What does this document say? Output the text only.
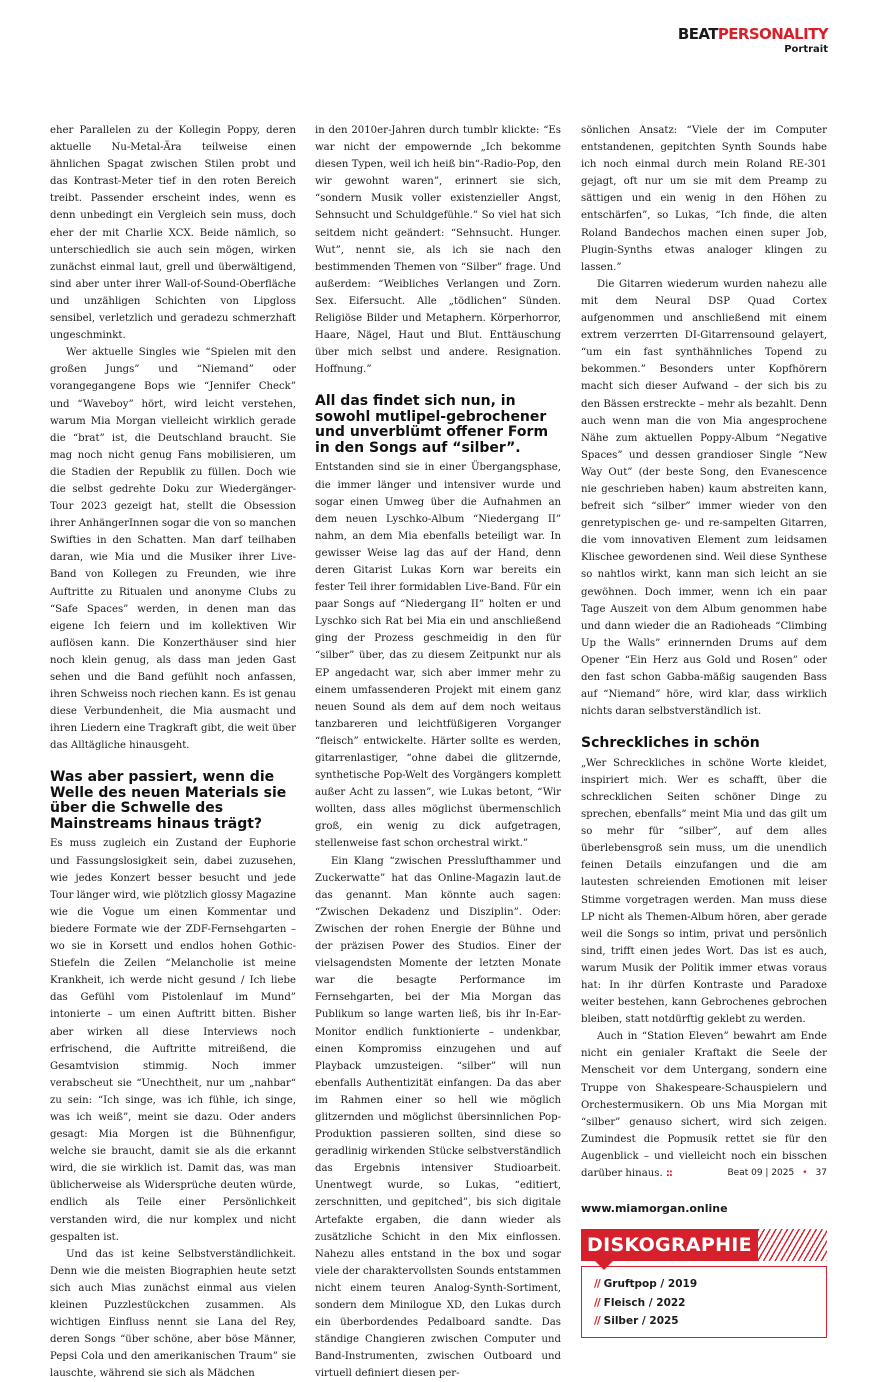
BEATPERSONALITY
Portrait

eher Parallelen zu der Kollegin Poppy, deren aktuelle Nu-Metal-Ära teilweise einen ähnlichen Spagat zwischen Stilen probt und das Kontrast-Meter tief in den roten Bereich treibt. Passender erscheint indes, wenn es denn unbedingt ein Vergleich sein muss, doch eher der mit Charlie XCX. Beide nämlich, so unterschiedlich sie auch sein mögen, wirken zunächst einmal laut, grell und überwältigend, sind aber unter ihrer Wall-of-Sound-Oberfläche und unzähligen Schichten von Lipgloss sensibel, verletzlich und geradezu schmerzhaft ungeschminkt.

Wer aktuelle Singles wie “Spielen mit den großen Jungs” und “Niemand” oder vorangegangene Bops wie “Jennifer Check” und “Waveboy” hört, wird leicht verstehen, warum Mia Morgan vielleicht wirklich gerade die “brat” ist, die Deutschland braucht. Sie mag noch nicht genug Fans mobilisieren, um die Stadien der Republik zu füllen. Doch wie die selbst gedrehte Doku zur Wiedergänger-Tour 2023 gezeigt hat, stellt die Obsession ihrer AnhängerInnen sogar die von so manchen Swifties in den Schatten. Man darf teilhaben daran, wie Mia und die Musiker ihrer Live-Band von Kollegen zu Freunden, wie ihre Auftritte zu Ritualen und anonyme Clubs zu “Safe Spaces” werden, in denen man das eigene Ich feiern und im kollektiven Wir auflösen kann. Die Konzerthäuser sind hier noch klein genug, als dass man jeden Gast sehen und die Band gefühlt noch anfassen, ihren Schweiss noch riechen kann. Es ist genau diese Verbundenheit, die Mia ausmacht und ihren Liedern eine Tragkraft gibt, die weit über das Alltägliche hinausgeht.

Was aber passiert, wenn die Welle des neuen Materials sie über die Schwelle des Mainstreams hinaus trägt?

Es muss zugleich ein Zustand der Euphorie und Fassungslosigkeit sein, dabei zuzusehen, wie jedes Konzert besser besucht und jede Tour länger wird, wie plötzlich glossy Magazine wie die Vogue um einen Kommentar und biedere Formate wie der ZDF-Fernsehgarten – wo sie in Korsett und endlos hohen Gothic-Stiefeln die Zeilen “Melancholie ist meine Krankheit, ich werde nicht gesund / Ich liebe das Gefühl vom Pistolenlauf im Mund” intonierte – um einen Auftritt bitten. Bisher aber wirken all diese Interviews noch erfrischend, die Auftritte mitreißend, die Gesamtvision stimmig. Noch immer verabscheut sie “Unechtheit, nur um „nahbar“ zu sein: “Ich singe, was ich fühle, ich singe, was ich weiß”, meint sie dazu. Oder anders gesagt: Mia Morgen ist die Bühnenfigur, welche sie braucht, damit sie als die erkannt wird, die sie wirklich ist. Damit das, was man üblicherweise als Widersprüche deuten würde, endlich als Teile einer Persönlichkeit verstanden wird, die nur komplex und nicht gespalten ist.

Und das ist keine Selbstverständlichkeit. Denn wie die meisten Biographien heute setzt sich auch Mias zunächst einmal aus vielen kleinen Puzzlestückchen zusammen. Als wichtigen Einfluss nennt sie Lana del Rey, deren Songs “über schöne, aber böse Männer, Pepsi Cola und den amerikanischen Traum” sie lauschte, während sie sich als Mädchen

in den 2010er-Jahren durch tumblr klickte: “Es war nicht der empowernde „Ich bekomme diesen Typen, weil ich heiß bin“-Radio-Pop, den wir gewohnt waren”, erinnert sie sich, “sondern Musik voller existenzieller Angst, Sehnsucht und Schuldgefühle.” So viel hat sich seitdem nicht geändert: “Sehnsucht. Hunger. Wut”, nennt sie, als ich sie nach den bestimmenden Themen von “Silber” frage. Und außerdem: “Weibliches Verlangen und Zorn. Sex. Eifersucht. Alle „tödlichen“ Sünden. Religiöse Bilder und Metaphern. Körperhorror, Haare, Nägel, Haut und Blut. Enttäuschung über mich selbst und andere. Resignation. Hoffnung.”

All das findet sich nun, in sowohl mutlipel-gebrochener und unverblümt offener Form in den Songs auf “silber”.

Entstanden sind sie in einer Übergangsphase, die immer länger und intensiver wurde und sogar einen Umweg über die Aufnahmen an dem neuen Lyschko-Album “Niedergang II” nahm, an dem Mia ebenfalls beteiligt war. In gewisser Weise lag das auf der Hand, denn deren Gitarist Lukas Korn war bereits ein fester Teil ihrer formidablen Live-Band. Für ein paar Songs auf “Niedergang II” holten er und Lyschko sich Rat bei Mia ein und anschließend ging der Prozess geschmeidig in den für “silber” über, das zu diesem Zeitpunkt nur als EP angedacht war, sich aber immer mehr zu einem umfassenderen Projekt mit einem ganz neuen Sound als dem auf dem noch weitaus tanzbareren und leichtfüßigeren Vorganger “fleisch” entwickelte. Härter sollte es werden, gitarrenlastiger, “ohne dabei die glitzernde, synthetische Pop-Welt des Vorgängers komplett außer Acht zu lassen”, wie Lukas betont, “Wir wollten, dass alles möglichst übermenschlich groß, ein wenig zu dick aufgetragen, stellenweise fast schon orchestral wirkt.”

Ein Klang “zwischen Presslufthammer und Zuckerwatte” hat das Online-Magazin laut.de das genannt. Man könnte auch sagen: “Zwischen Dekadenz und Disziplin”. Oder: Zwischen der rohen Energie der Bühne und der präzisen Power des Studios. Einer der vielsagendsten Momente der letzten Monate war die besagte Performance im Fernsehgarten, bei der Mia Morgan das Publikum so lange warten ließ, bis ihr In-Ear-Monitor endlich funktionierte – undenkbar, einen Kompromiss einzugehen und auf Playback umzusteigen. “silber” will nun ebenfalls Authentizität einfangen. Da das aber im Rahmen einer so hell wie möglich glitzernden und möglichst übersinnlichen Pop-Produktion passieren sollten, sind diese so geradlinig wirkenden Stücke selbstverständlich das Ergebnis intensiver Studioarbeit. Unentwegt wurde, so Lukas, “editiert, zerschnitten, und gepitched”, bis sich digitale Artefakte ergaben, die dann wieder als zusätzliche Schicht in den Mix einflossen. Nahezu alles entstand in the box und sogar viele der charaktervollsten Sounds entstammen nicht einem teuren Analog-Synth-Sortiment, sondern dem Minilogue XD, den Lukas durch ein überbordendes Pedalboard sandte. Das ständige Changieren zwischen Computer und Band-Instrumenten, zwischen Outboard und virtuell definiert diesen per-

sönlichen Ansatz: “Viele der im Computer entstandenen, gepitchten Synth Sounds habe ich noch einmal durch mein Roland RE-301 gejagt, oft nur um sie mit dem Preamp zu sättigen und ein wenig in den Höhen zu entschärfen”, so Lukas, “Ich finde, die alten Roland Bandechos machen einen super Job, Plugin-Synths etwas analoger klingen zu lassen.”

Die Gitarren wiederum wurden nahezu alle mit dem Neural DSP Quad Cortex aufgenommen und anschließend mit einem extrem verzerrten DI-Gitarrensound gelayert, “um ein fast synthähnliches Topend zu bekommen.” Besonders unter Kopfhörern macht sich dieser Aufwand – der sich bis zu den Bässen erstreckte – mehr als bezahlt. Denn auch wenn man die von Mia angesprochene Nähe zum aktuellen Poppy-Album “Negative Spaces” und dessen grandioser Single “New Way Out” (der beste Song, den Evanescence nie geschrieben haben) kaum abstreiten kann, befreit sich “silber” immer wieder von den genretypischen ge- und re-sampelten Gitarren, die vom innovativen Element zum leidsamen Klischee gewordenen sind. Weil diese Synthese so nahtlos wirkt, kann man sich leicht an sie gewöhnen. Doch immer, wenn ich ein paar Tage Auszeit von dem Album genommen habe und dann wieder die an Radioheads “Climbing Up the Walls” erinnernden Drums auf dem Opener “Ein Herz aus Gold und Rosen” oder den fast schon Gabba-mäßig saugenden Bass auf “Niemand” höre, wird klar, dass wirklich nichts daran selbstverständlich ist.

Schreckliches in schön

„Wer Schreckliches in schöne Worte kleidet, inspiriert mich. Wer es schafft, über die schrecklichen Seiten schöner Dinge zu sprechen, ebenfalls” meint Mia und das gilt um so mehr für “silber”, auf dem alles überlebensgroß sein muss, um die unendlich feinen Details einzufangen und die am lautesten schreienden Emotionen mit leiser Stimme vorgetragen werden. Man muss diese LP nicht als Themen-Album hören, aber gerade weil die Songs so intim, privat und persönlich sind, trifft einen jedes Wort. Das ist es auch, warum Musik der Politik immer etwas voraus hat: In ihr dürfen Kontraste und Paradoxe weiter bestehen, kann Gebrochenes gebrochen bleiben, statt notdürftig geklebt zu werden.

Auch in “Station Eleven” bewahrt am Ende nicht ein genialer Kraftakt die Seele der Menscheit vor dem Untergang, sondern eine Truppe von Shakespeare-Schauspielern und Orchestermusikern. Ob uns Mia Morgan mit “silber” genauso sichert, wird sich zeigen. Zumindest die Popmusik rettet sie für den Augenblick – und vielleicht noch ein bisschen darüber hinaus. ::

www.miamorgan.online
DISKOGRAPHIE
// Gruftpop / 2019
// Fleisch / 2022
// Silber / 2025
Beat 09 | 2025 • 37
